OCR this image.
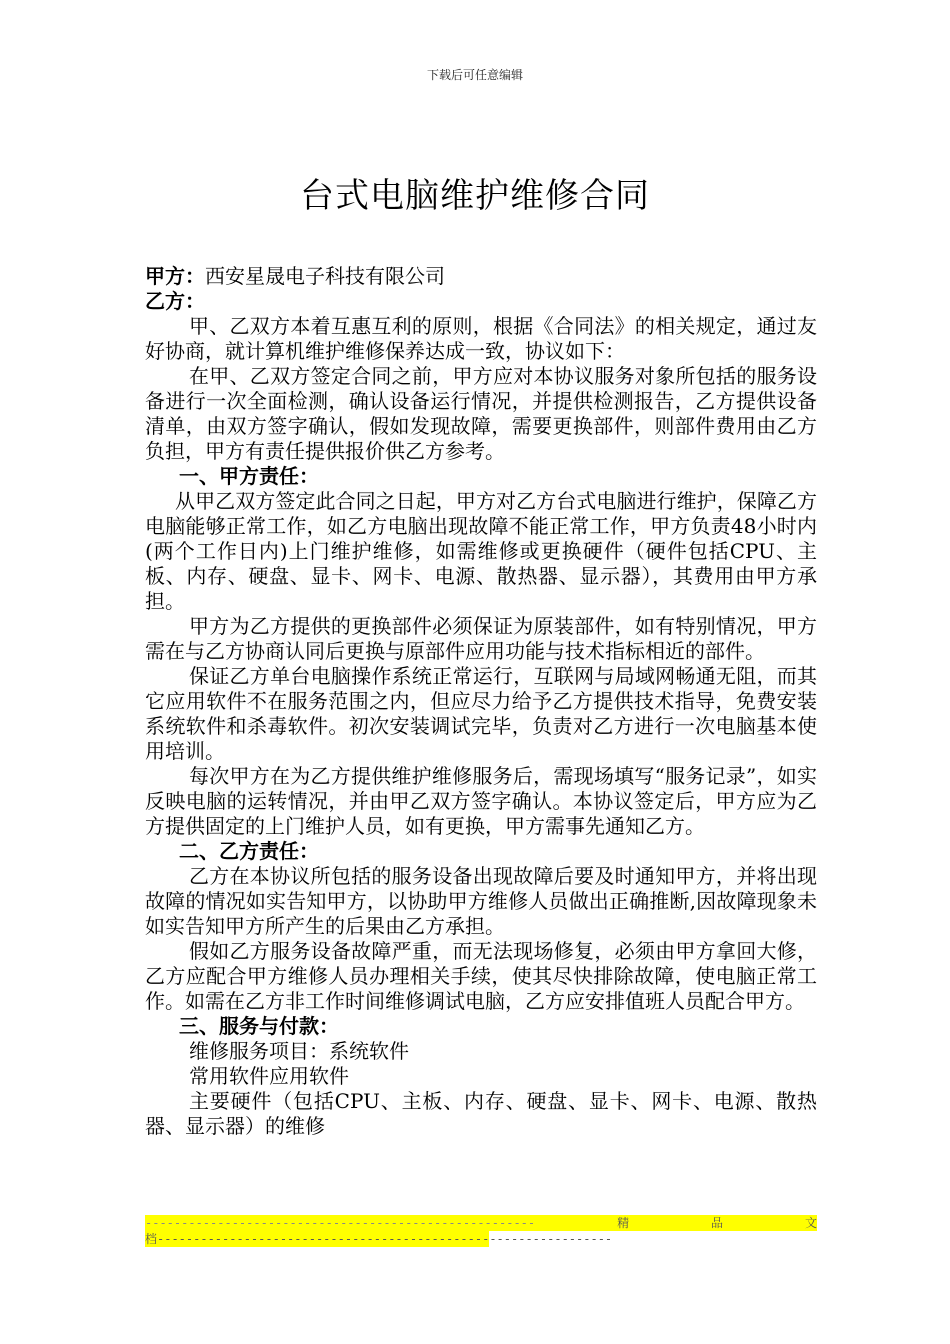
下载后可任意编辑
台式电脑维护维修合同

甲方：西安星晟电子科技有限公司

乙方：

甲、乙双方本着互惠互利的原则，根据《合同法》的相关规定，通过友好协商，就计算机维护维修保养达成一致，协议如下：

在甲、乙双方签定合同之前，甲方应对本协议服务对象所包括的服务设备进行一次全面检测，确认设备运行情况，并提供检测报告，乙方提供设备清单，由双方签字确认，假如发现故障，需要更换部件，则部件费用由乙方负担，甲方有责任提供报价供乙方参考。

一、甲方责任：

从甲乙双方签定此合同之日起，甲方对乙方台式电脑进行维护，保障乙方电脑能够正常工作，如乙方电脑出现故障不能正常工作，甲方负责48小时内(两个工作日内)上门维护维修，如需维修或更换硬件（硬件包括CPU、主板、内存、硬盘、显卡、网卡、电源、散热器、显示器），其费用由甲方承担。

甲方为乙方提供的更换部件必须保证为原装部件，如有特别情况，甲方需在与乙方协商认同后更换与原部件应用功能与技术指标相近的部件。

保证乙方单台电脑操作系统正常运行，互联网与局域网畅通无阻，而其它应用软件不在服务范围之内，但应尽力给予乙方提供技术指导，免费安装系统软件和杀毒软件。初次安装调试完毕，负责对乙方进行一次电脑基本使用培训。

每次甲方在为乙方提供维护维修服务后，需现场填写“服务记录”，如实反映电脑的运转情况，并由甲乙双方签字确认。本协议签定后，甲方应为乙方提供固定的上门维护人员，如有更换，甲方需事先通知乙方。

二、乙方责任：

乙方在本协议所包括的服务设备出现故障后要及时通知甲方，并将出现故障的情况如实告知甲方，以协助甲方维修人员做出正确推断,因故障现象未如实告知甲方所产生的后果由乙方承担。

假如乙方服务设备故障严重，而无法现场修复，必须由甲方拿回大修，乙方应配合甲方维修人员办理相关手续，使其尽快排除故障，使电脑正常工作。如需在乙方非工作时间维修调试电脑，乙方应安排值班人员配合甲方。

三、服务与付款：

维修服务项目：系统软件

常用软件应用软件

主要硬件（包括CPU、主板、内存、硬盘、显卡、网卡、电源、散热器、显示器）的维修

------------------------------------------------------	精	品	文
档---------------------------------------------------------------
